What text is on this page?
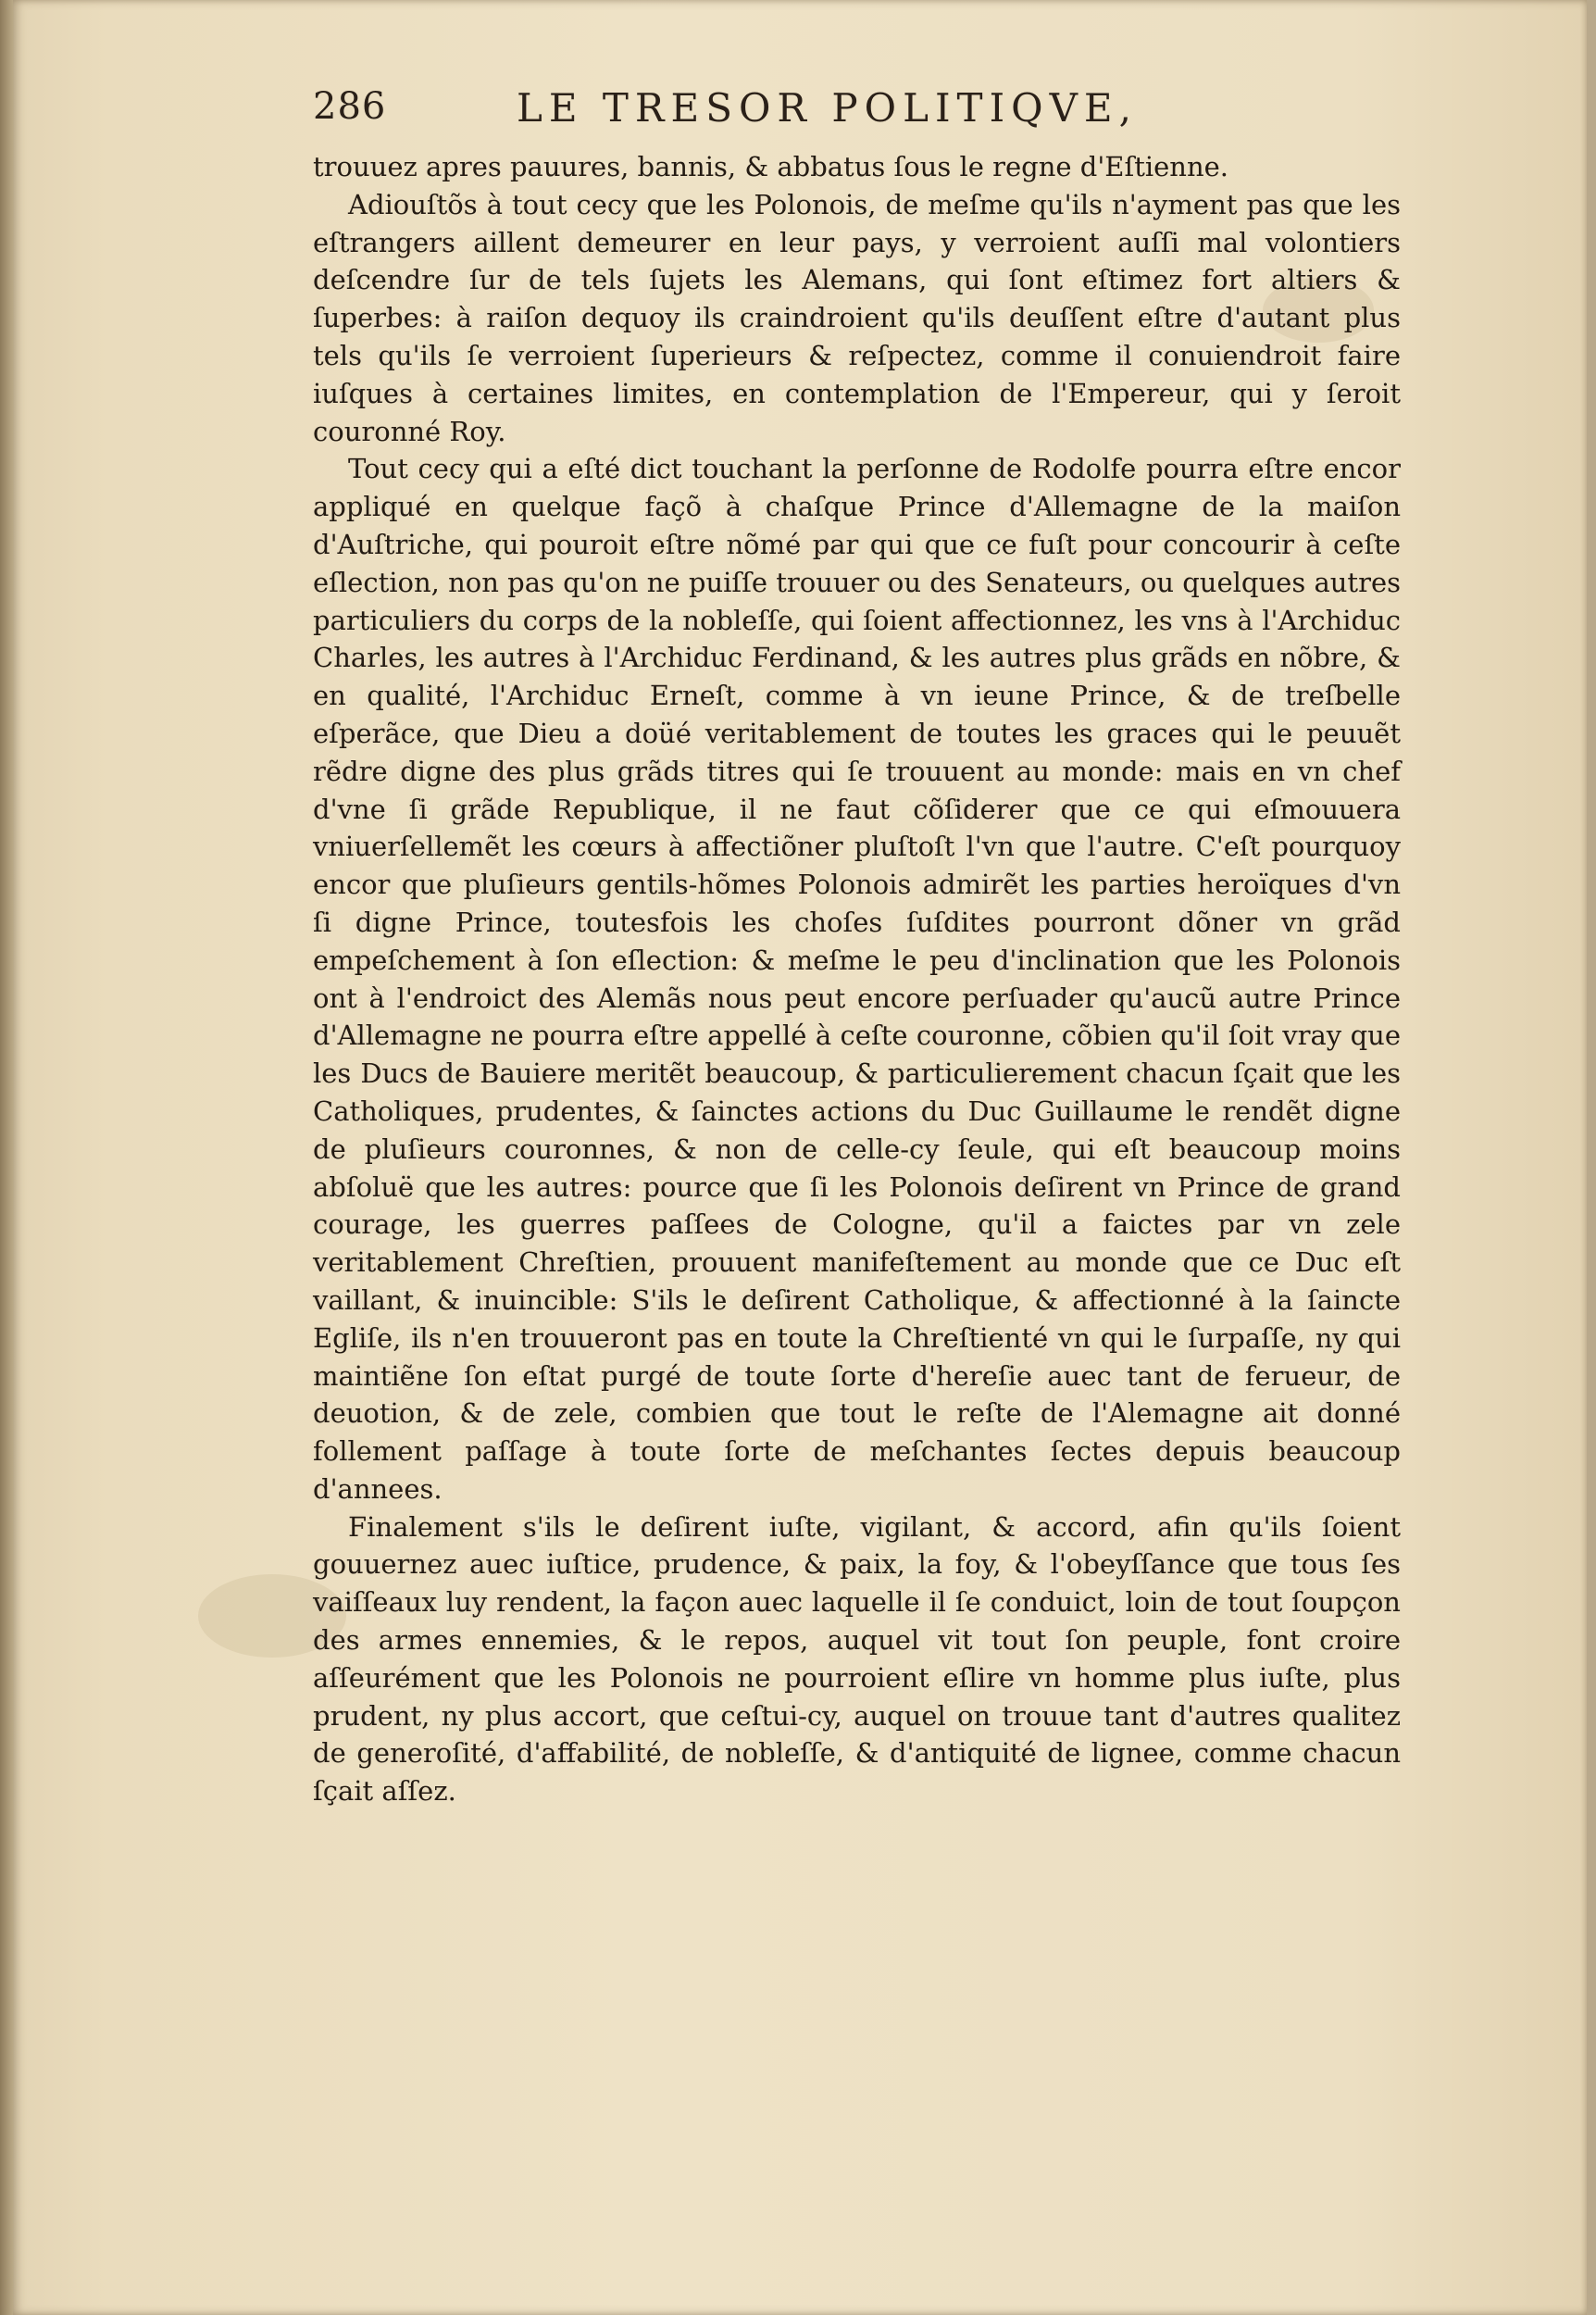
286	LE TRESOR POLITIQVE,

trouuez apres pauures, bannis, & abbatus ſous le regne d'Eſtienne.

Adiouſtõs à tout cecy que les Polonois, de meſme qu'ils n'ayment pas que les eſtrangers aillent demeurer en leur pays, y verroient auſſi mal volontiers deſcendre ſur de tels ſujets les Alemans, qui ſont eſtimez fort altiers & ſuperbes: à raiſon dequoy ils craindroient qu'ils deuſſent eſtre d'autant plus tels qu'ils ſe verroient ſuperieurs & reſpectez, comme il conuiendroit faire iuſques à certaines limites, en contemplation de l'Empereur, qui y ſeroit couronné Roy.

Tout cecy qui a eſté dict touchant la perſonne de Rodolfe pourra eſtre encor appliqué en quelque façõ à chaſque Prince d'Allemagne de la maiſon d'Auſtriche, qui pouroit eſtre nõmé par qui que ce fuſt pour concourir à ceſte eſlection, non pas qu'on ne puiſſe trouuer ou des Senateurs, ou quelques autres particuliers du corps de la nobleſſe, qui ſoient affectionnez, les vns à l'Archiduc Charles, les autres à l'Archiduc Ferdinand, & les autres plus grãds en nõbre, & en qualité, l'Archiduc Erneſt, comme à vn ieune Prince, & de treſbelle eſperãce, que Dieu a doüé veritablement de toutes les graces qui le peuuẽt rẽdre digne des plus grãds titres qui ſe trouuent au monde: mais en vn chef d'vne ſi grãde Republique, il ne faut cõſiderer que ce qui eſmouuera vniuerſellemẽt les cœurs à affectiõner pluſtoſt l'vn que l'autre. C'eſt pourquoy encor que pluſieurs gentils-hõmes Polonois admirẽt les parties heroïques d'vn ſi digne Prince, toutesfois les choſes ſuſdites pourront dõner vn grãd empeſchement à ſon eſlection: & meſme le peu d'inclination que les Polonois ont à l'endroict des Alemãs nous peut encore perſuader qu'aucũ autre Prince d'Allemagne ne pourra eſtre appellé à ceſte couronne, cõbien qu'il ſoit vray que les Ducs de Bauiere meritẽt beaucoup, & particulierement chacun ſçait que les Catholiques, prudentes, & ſainctes actions du Duc Guillaume le rendẽt digne de pluſieurs couronnes, & non de celle-cy ſeule, qui eſt beaucoup moins abſoluë que les autres: pource que ſi les Polonois deſirent vn Prince de grand courage, les guerres paſſees de Cologne, qu'il a faictes par vn zele veritablement Chreſtien, prouuent manifeſtement au monde que ce Duc eſt vaillant, & inuincible: S'ils le deſirent Catholique, & affectionné à la ſaincte Egliſe, ils n'en trouueront pas en toute la Chreſtienté vn qui le ſurpaſſe, ny qui maintiẽne ſon eſtat purgé de toute ſorte d'hereſie auec tant de ferueur, de deuotion, & de zele, combien que tout le reſte de l'Alemagne ait donné follement paſſage à toute ſorte de meſchantes ſectes depuis beaucoup d'annees.

Finalement s'ils le deſirent iuſte, vigilant, & accord, afin qu'ils ſoient gouuernez auec iuſtice, prudence, & paix, la foy, & l'obeyſſance que tous ſes vaiſſeaux luy rendent, la façon auec laquelle il ſe conduict, loin de tout ſoupçon des armes ennemies, & le repos, auquel vit tout ſon peuple, font croire aſſeurément que les Polonois ne pourroient eſlire vn homme plus iuſte, plus prudent, ny plus accort, que ceſtui-cy, auquel on trouue tant d'autres qualitez de generoſité, d'affabilité, de nobleſſe, & d'antiquité de lignee, comme chacun ſçait aſſez.
